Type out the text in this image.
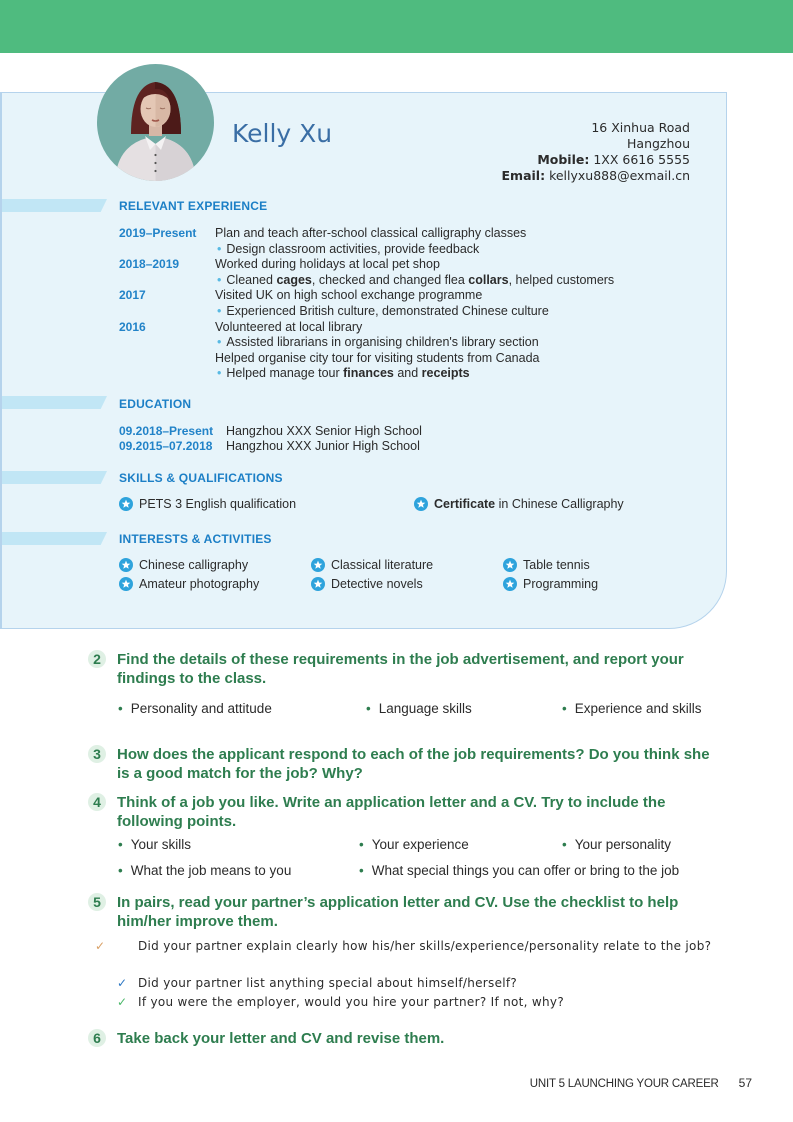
Kelly Xu	16 Xinhua Road
Hangzhou
Mobile: 1XX 6616 5555
Email: kellyxu888@exmail.cn
RELEVANT EXPERIENCE
2019–Present	Plan and teach after-school classical calligraphy classes
• Design classroom activities, provide feedback
2018–2019	Worked during holidays at local pet shop
• Cleaned cages, checked and changed flea collars, helped customers
2017	Visited UK on high school exchange programme
• Experienced British culture, demonstrated Chinese culture
2016	Volunteered at local library
• Assisted librarians in organising children's library section
Helped organise city tour for visiting students from Canada
• Helped manage tour finances and receipts
EDUCATION
09.2018–Present Hangzhou XXX Senior High School
09.2015–07.2018 Hangzhou XXX Junior High School
SKILLS & QUALIFICATIONS
PETS 3 English qualification	Certificate in Chinese Calligraphy
INTERESTS & ACTIVITIES
Chinese calligraphy	Classical literature	Table tennis
Amateur photography	Detective novels	Programming
2	Find the details of these requirements in the job advertisement, and report your findings to the class.
• Personality and attitude	• Language skills	• Experience and skills
3	How does the applicant respond to each of the job requirements? Do you think she is a good match for the job? Why?
4	Think of a job you like. Write an application letter and a CV. Try to include the following points.
• Your skills	• Your experience	• Your personality
• What the job means to you	• What special things you can offer or bring to the job
5	In pairs, read your partner’s application letter and CV. Use the checklist to help him/her improve them.
✓	Did your partner explain clearly how his/her skills/experience/personality relate to the job?
✓ Did your partner list anything special about himself/herself?
✓ If you were the employer, would you hire your partner? If not, why?
6	Take back your letter and CV and revise them.
UNIT 5 LAUNCHING YOUR CAREER 57
